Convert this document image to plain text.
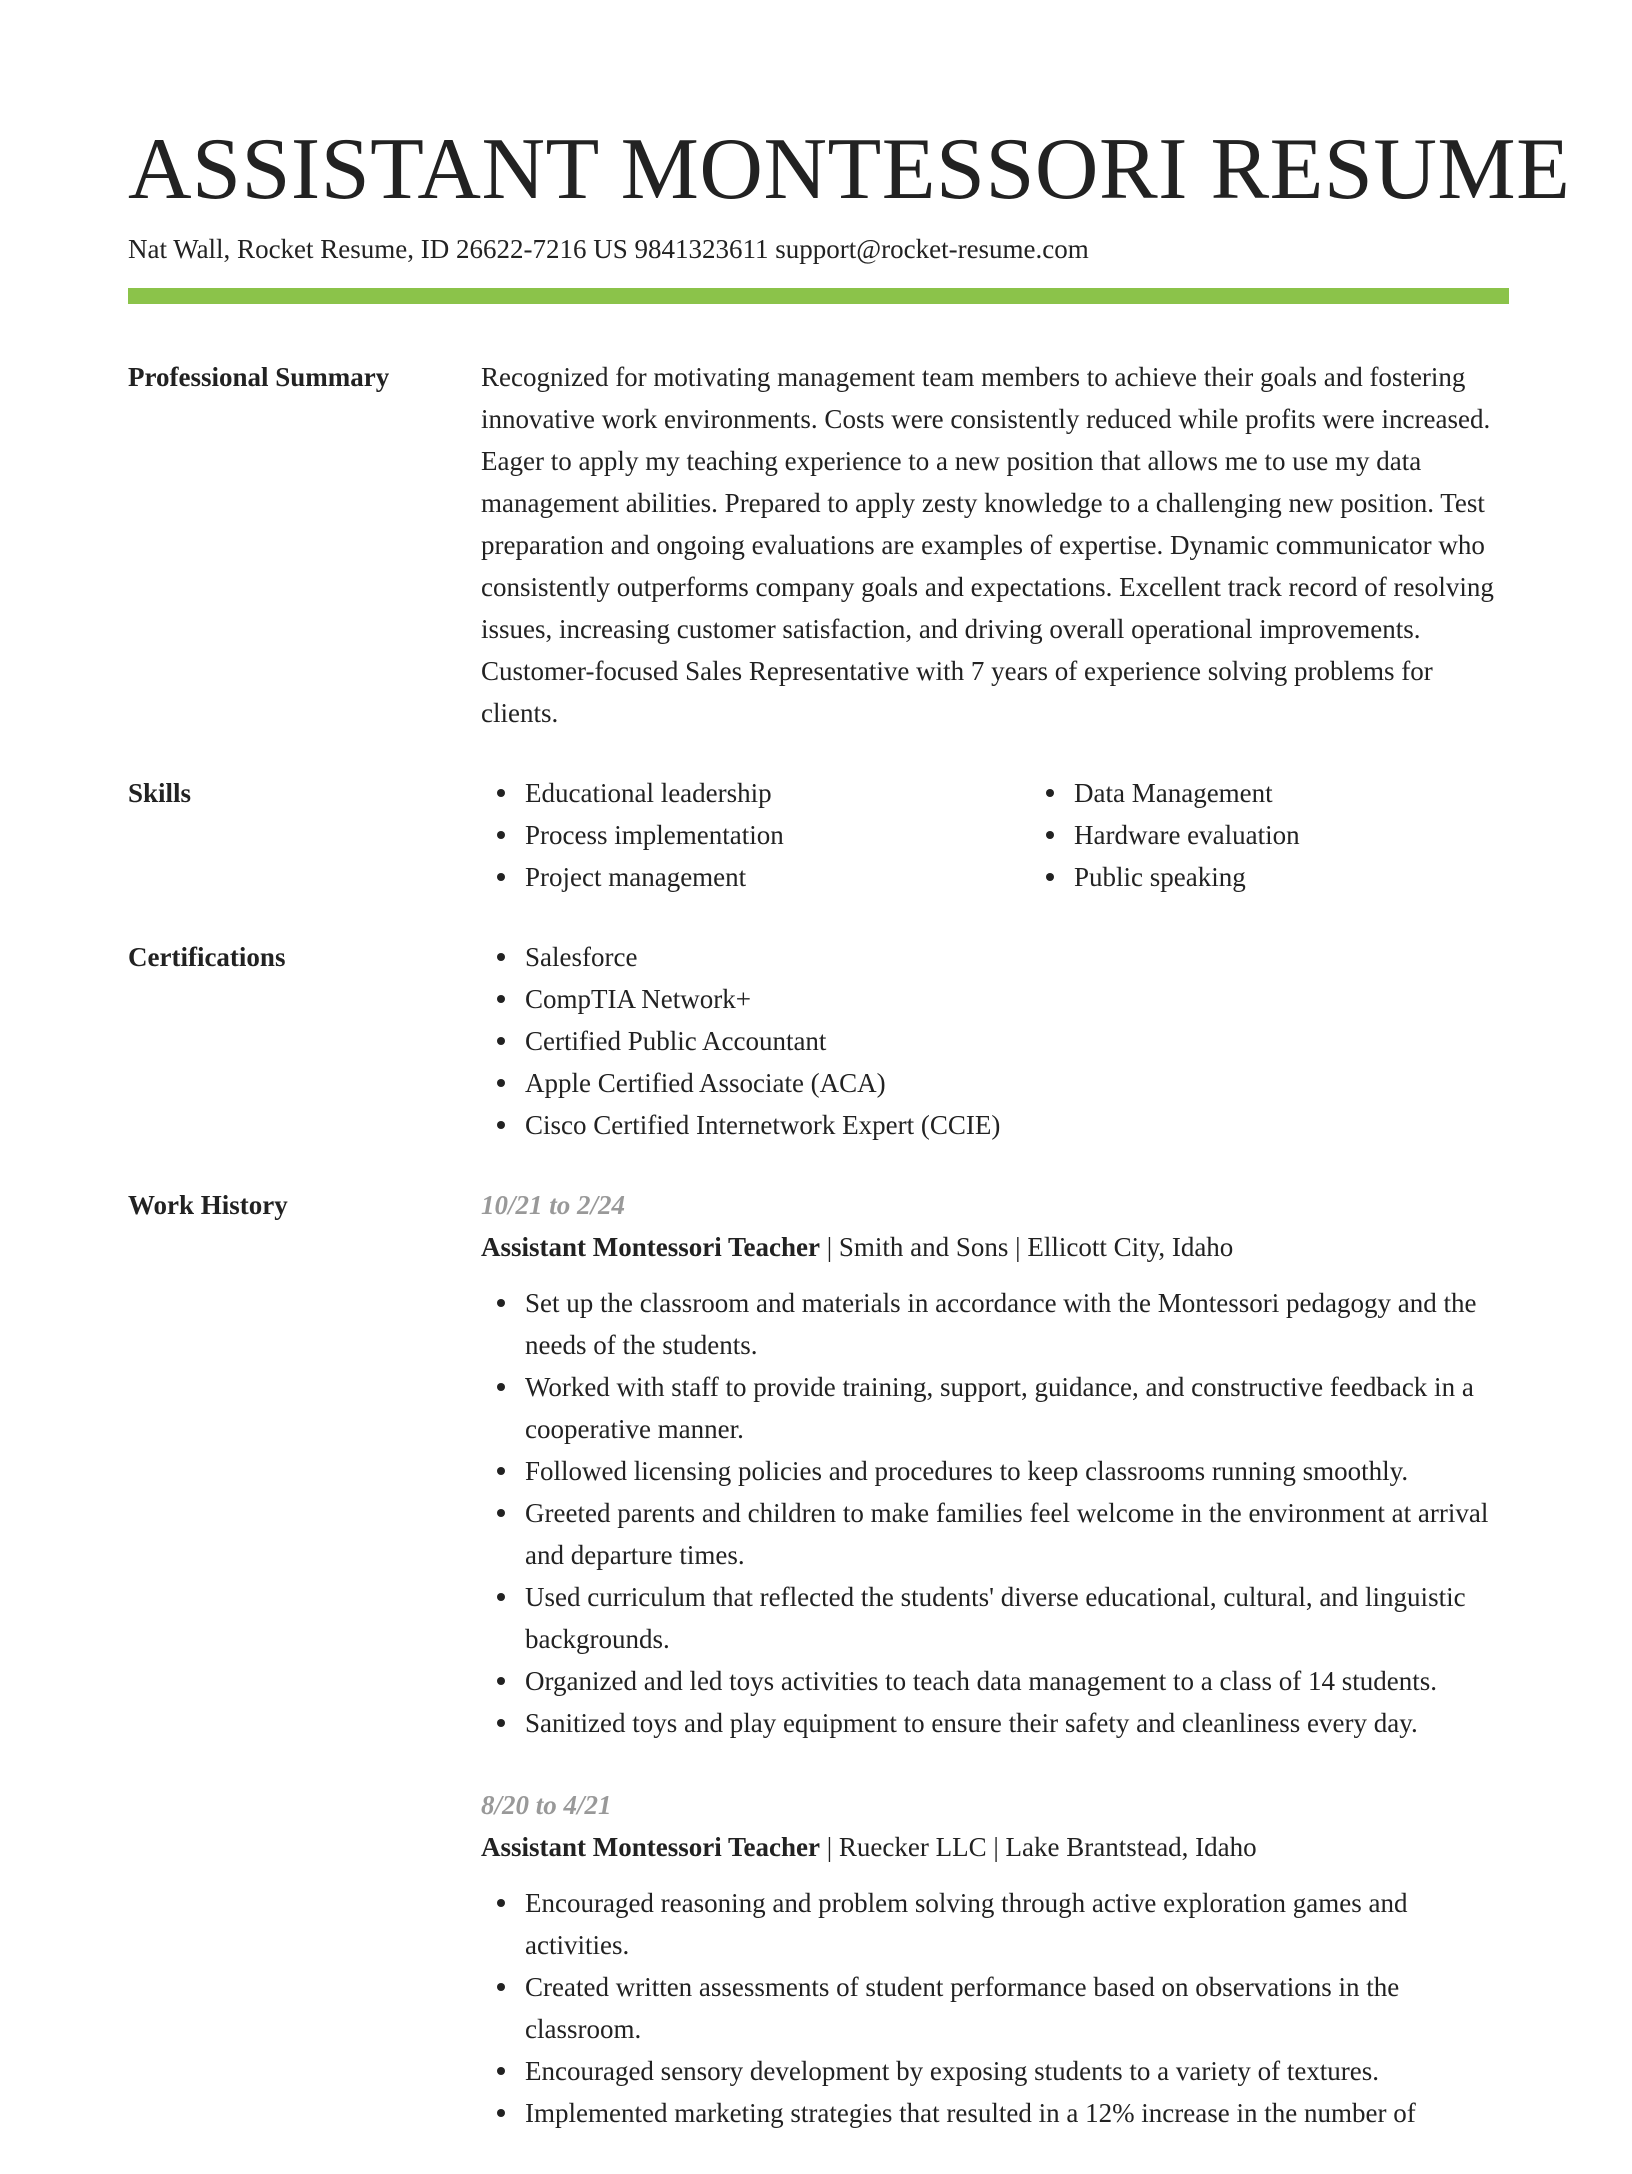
ASSISTANT MONTESSORI RESUME
Nat Wall, Rocket Resume, ID 26622-7216 US 9841323611 support@rocket-resume.com
Professional Summary	Recognized for motivating management team members to achieve their goals and fostering innovative work environments. Costs were consistently reduced while profits were increased. Eager to apply my teaching experience to a new position that allows me to use my data management abilities. Prepared to apply zesty knowledge to a challenging new position. Test preparation and ongoing evaluations are examples of expertise. Dynamic communicator who consistently outperforms company goals and expectations. Excellent track record of resolving issues, increasing customer satisfaction, and driving overall operational improvements. Customer-focused Sales Representative with 7 years of experience solving problems for clients.

Skills	Educational leadership
Process implementation
Project management
Data Management
Hardware evaluation
Public speaking
Certifications	Salesforce
CompTIA Network+
Certified Public Accountant
Apple Certified Associate (ACA)
Cisco Certified Internetwork Expert (CCIE)
Work History	10/21 to 2/24
Assistant Montessori Teacher | Smith and Sons | Ellicott City, Idaho
Set up the classroom and materials in accordance with the Montessori pedagogy and the needs of the students.
Worked with staff to provide training, support, guidance, and constructive feedback in a cooperative manner.
Followed licensing policies and procedures to keep classrooms running smoothly.
Greeted parents and children to make families feel welcome in the environment at arrival and departure times.
Used curriculum that reflected the students' diverse educational, cultural, and linguistic backgrounds.
Organized and led toys activities to teach data management to a class of 14 students.
Sanitized toys and play equipment to ensure their safety and cleanliness every day.
8/20 to 4/21
Assistant Montessori Teacher | Ruecker LLC | Lake Brantstead, Idaho
Encouraged reasoning and problem solving through active exploration games and activities.
Created written assessments of student performance based on observations in the classroom.
Encouraged sensory development by exposing students to a variety of textures.
Implemented marketing strategies that resulted in a 12% increase in the number of
